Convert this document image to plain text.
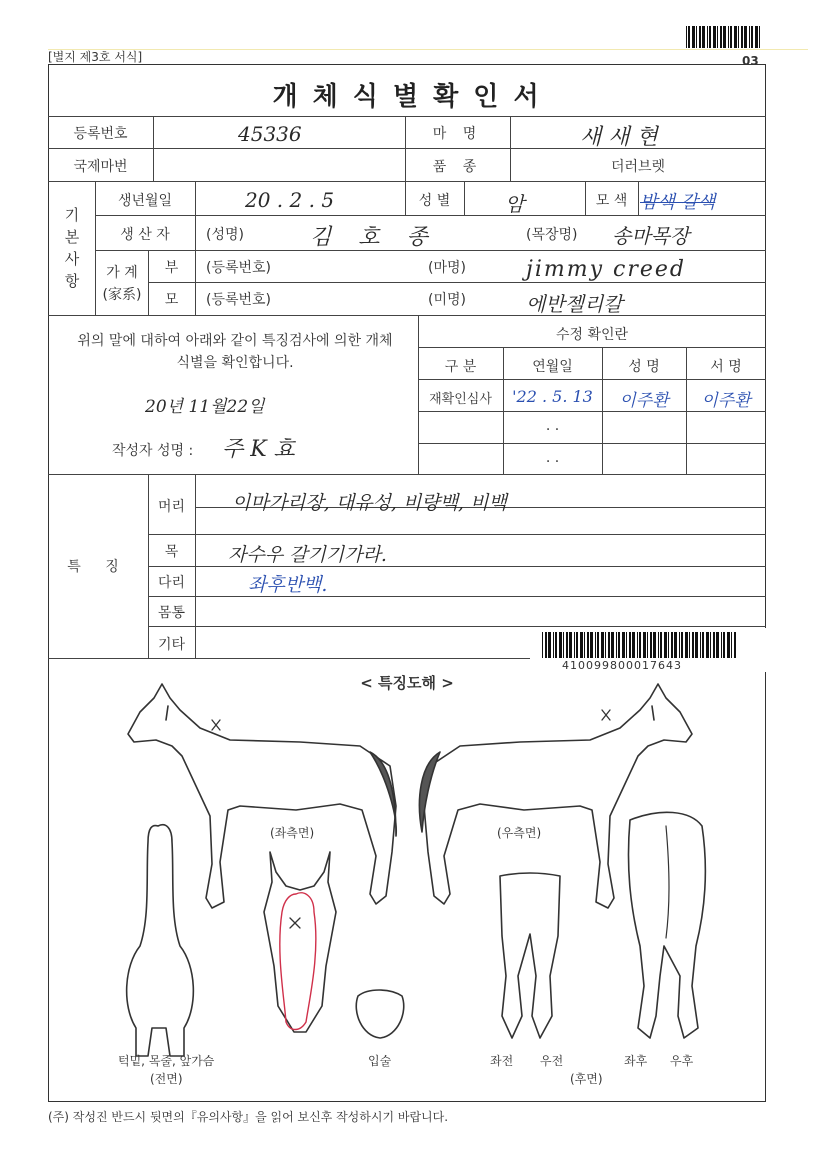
[별지 제3호 서식]	03
개 체 식 별 확 인 서
등록번호	45336	마 명	새 새 현
국제마번	품 종	더러브렛
기 본 사 항
생년월일	20 . 2 . 5	성 별	암	모 색 밤색 갈색
생 산 자	(성명)	김 호 종	(목장명) 송마목장
가 계 (家系)
부	(등록번호)	(마명)	jimmy creed
모	(등록번호)	(미명)	에반젤리칼
위의 말에 대하여 아래와 같이 특징검사에 의한 개체식별을 확인합니다.
20년 11월22일
작성자 성명 : 주 K 효
수정 확인란
구 분	연월일	성 명	서 명
재확인심사	'22 . 5. 13	이주환	이주환
. .
. .
특 징
머리	이마가리장, 대유성, 비량백, 비백
목	자수우 갈기기가라.
다리	좌후반백.
몸통
기타
410099800017643
< 특징도해 >
(좌측면)	(우측면)
턱밑, 목줄, 앞가슴
(전면)
입술	좌전 우전	좌후 우후
(후면)
(주) 작성진 반드시 뒷면의『유의사항』을 읽어 보신후 작성하시기 바랍니다.
